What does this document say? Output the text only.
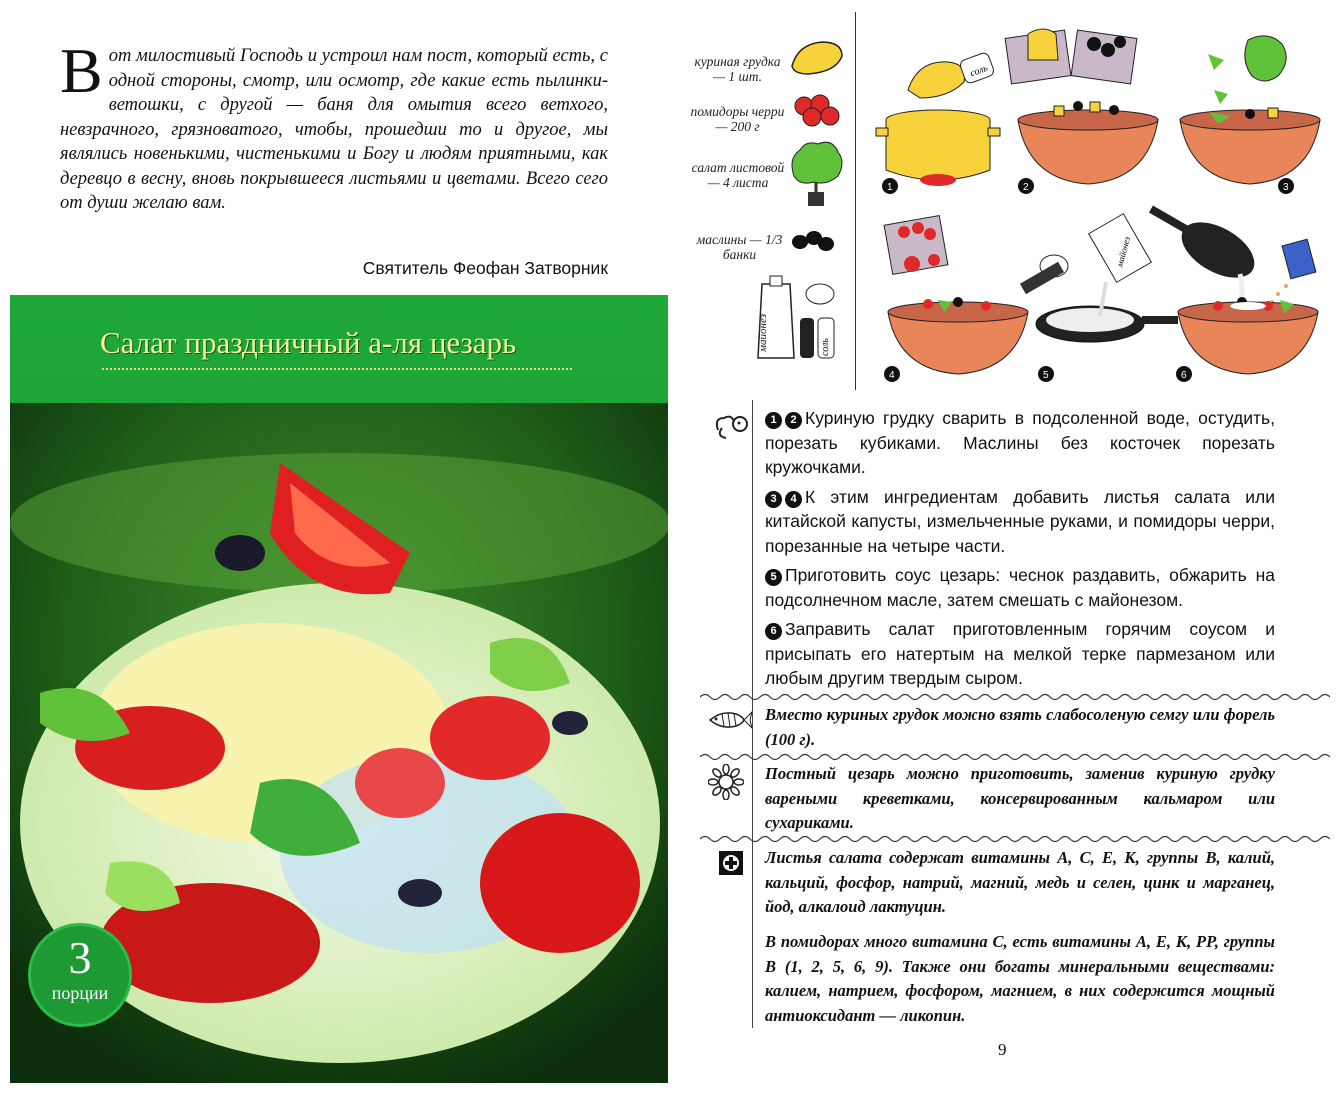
Вот милостивый Господь и устроил нам пост, который есть, с одной стороны, смотр, или осмотр, где какие есть пылинки-ветошки, с другой — баня для омытия всего ветхого, невзрачного, грязноватого, чтобы, прошедши то и другое, мы являлись новенькими, чистенькими и Богу и людям приятными, как деревцо в весну, вновь покрывшееся листьями и цветами. Всего сего от души желаю вам.
Святитель Феофан Затворник
Салат праздничный а-ля цезарь
3
порции
куриная грудка — 1 шт.
помидоры черри — 200 г
салат листовой — 4 листа
маслины — 1/3 банки
майонез	соль
соль
1	2	3
4
майонез
5	6

1 2 Куриную грудку сварить в подсоленной воде, остудить, порезать кубиками. Маслины без косточек порезать кружочками.

3 4 К этим ингредиентам добавить листья салата или китайской капусты, измельченные руками, и помидоры черри, порезанные на четыре части.

5 Приготовить соус цезарь: чеснок раздавить, обжарить на подсолнечном масле, затем смешать с майонезом.

6 Заправить салат приготовленным горячим соусом и присыпать его натертым на мелкой терке пармезаном или любым другим твердым сыром.

Вместо куриных грудок можно взять слабосоленую семгу или форель (100 г).
Постный цезарь можно приготовить, заменив куриную грудку вареными креветками, консервированным кальмаром или сухариками.
Листья салата содержат витамины А, С, Е, К, группы В, калий, кальций, фосфор, натрий, магний, медь и селен, цинк и марганец, йод, алкалоид лактуцин.
В помидорах много витамина С, есть витамины А, Е, К, РР, группы В (1, 2, 5, 6, 9). Также они богаты минеральными веществами: калием, натрием, фосфором, магнием, в них содержится мощный антиоксидант — ликопин.
9
